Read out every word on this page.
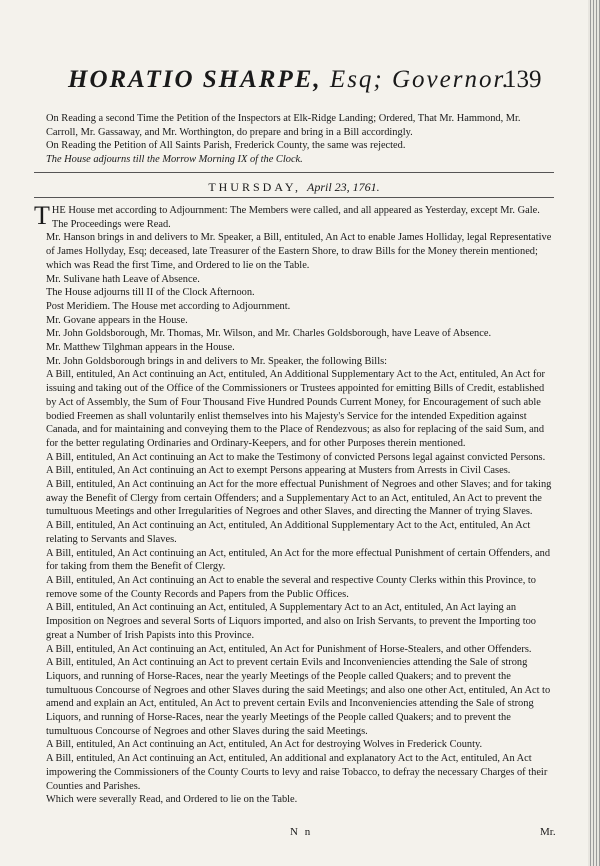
HORATIO SHARPE, Esq; Governor.
139

On Reading a second Time the Petition of the Inspectors at Elk-Ridge Landing; Ordered, That Mr. Hammond, Mr. Carroll, Mr. Gassaway, and Mr. Worthington, do prepare and bring in a Bill accordingly.

On Reading the Petition of All Saints Parish, Frederick County, the same was rejected.

The House adjourns till the Morrow Morning IX of the Clock.

THURSDAY, April 23, 1761.

THE House met according to Adjournment: The Members were called, and all appeared as Yesterday, except Mr. Gale. The Proceedings were Read.

Mr. Hanson brings in and delivers to Mr. Speaker, a Bill, entituled, An Act to enable James Holliday, legal Representative of James Hollyday, Esq; deceased, late Treasurer of the Eastern Shore, to draw Bills for the Money therein mentioned; which was Read the first Time, and Ordered to lie on the Table.

Mr. Sulivane hath Leave of Absence.

The House adjourns till II of the Clock Afternoon.

Post Meridiem. The House met according to Adjournment.

Mr. Govane appears in the House.

Mr. John Goldsborough, Mr. Thomas, Mr. Wilson, and Mr. Charles Goldsborough, have Leave of Absence.

Mr. Matthew Tilghman appears in the House.

Mr. John Goldsborough brings in and delivers to Mr. Speaker, the following Bills:

A Bill, entituled, An Act continuing an Act, entituled, An Additional Supplementary Act to the Act, entituled, An Act for issuing and taking out of the Office of the Commissioners or Trustees appointed for emitting Bills of Credit, established by Act of Assembly, the Sum of Four Thousand Five Hundred Pounds Current Money, for Encouragement of such able bodied Freemen as shall voluntarily enlist themselves into his Majesty's Service for the intended Expedition against Canada, and for maintaining and conveying them to the Place of Rendezvous; as also for replacing of the said Sum, and for the better regulating Ordinaries and Ordinary-Keepers, and for other Purposes therein mentioned.

A Bill, entituled, An Act continuing an Act to make the Testimony of convicted Persons legal against convicted Persons.

A Bill, entituled, An Act continuing an Act to exempt Persons appearing at Musters from Arrests in Civil Cases.

A Bill, entituled, An Act continuing an Act for the more effectual Punishment of Negroes and other Slaves; and for taking away the Benefit of Clergy from certain Offenders; and a Supplementary Act to an Act, entituled, An Act to prevent the tumultuous Meetings and other Irregularities of Negroes and other Slaves, and directing the Manner of trying Slaves.

A Bill, entituled, An Act continuing an Act, entituled, An Additional Supplementary Act to the Act, entituled, An Act relating to Servants and Slaves.

A Bill, entituled, An Act continuing an Act, entituled, An Act for the more effectual Punishment of certain Offenders, and for taking from them the Benefit of Clergy.

A Bill, entituled, An Act continuing an Act to enable the several and respective County Clerks within this Province, to remove some of the County Records and Papers from the Public Offices.

A Bill, entituled, An Act continuing an Act, entituled, A Supplementary Act to an Act, entituled, An Act laying an Imposition on Negroes and several Sorts of Liquors imported, and also on Irish Servants, to prevent the Importing too great a Number of Irish Papists into this Province.

A Bill, entituled, An Act continuing an Act, entituled, An Act for Punishment of Horse-Stealers, and other Offenders.

A Bill, entituled, An Act continuing an Act to prevent certain Evils and Inconveniencies attending the Sale of strong Liquors, and running of Horse-Races, near the yearly Meetings of the People called Quakers; and to prevent the tumultuous Concourse of Negroes and other Slaves during the said Meetings; and also one other Act, entituled, An Act to amend and explain an Act, entituled, An Act to prevent certain Evils and Inconveniencies attending the Sale of strong Liquors, and running of Horse-Races, near the yearly Meetings of the People called Quakers; and to prevent the tumultuous Concourse of Negroes and other Slaves during the said Meetings.

A Bill, entituled, An Act continuing an Act, entituled, An Act for destroying Wolves in Frederick County.

A Bill, entituled, An Act continuing an Act, entituled, An additional and explanatory Act to the Act, entituled, An Act impowering the Commissioners of the County Courts to levy and raise Tobacco, to defray the necessary Charges of their Counties and Parishes.

Which were severally Read, and Ordered to lie on the Table.

N n	Mr.
